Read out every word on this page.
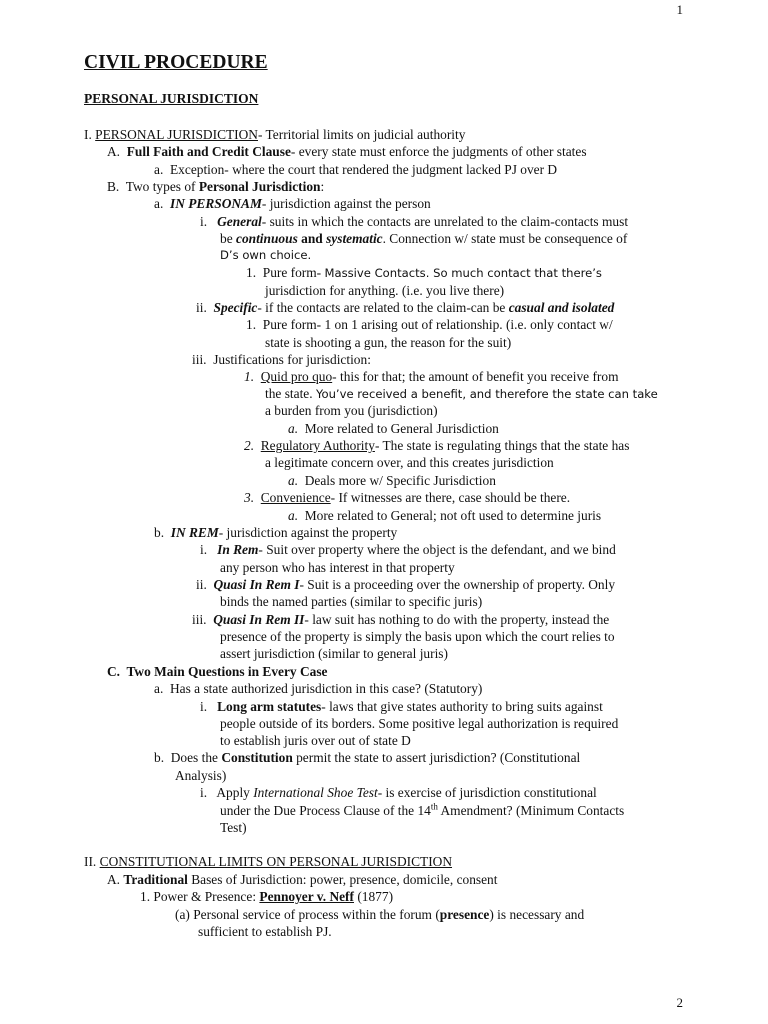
1
CIVIL PROCEDURE
PERSONAL JURISDICTION
I. PERSONAL JURISDICTION- Territorial limits on judicial authority
A. Full Faith and Credit Clause- every state must enforce the judgments of other states
a. Exception- where the court that rendered the judgment lacked PJ over D
B. Two types of Personal Jurisdiction:
a. IN PERSONAM- jurisdiction against the person
i. General- suits in which the contacts are unrelated to the claim-contacts must
be continuous and systematic. Connection w/ state must be consequence of
D’s own choice.
1. Pure form- Massive Contacts. So much contact that there’s
jurisdiction for anything. (i.e. you live there)
ii. Specific- if the contacts are related to the claim-can be casual and isolated
1. Pure form- 1 on 1 arising out of relationship. (i.e. only contact w/
state is shooting a gun, the reason for the suit)
iii. Justifications for jurisdiction:
1. Quid pro quo- this for that; the amount of benefit you receive from
the state. You’ve received a benefit, and therefore the state can take
a burden from you (jurisdiction)
a. More related to General Jurisdiction
2. Regulatory Authority- The state is regulating things that the state has
a legitimate concern over, and this creates jurisdiction
a. Deals more w/ Specific Jurisdiction
3. Convenience- If witnesses are there, case should be there.
a. More related to General; not oft used to determine juris
b. IN REM- jurisdiction against the property
i. In Rem- Suit over property where the object is the defendant, and we bind
any person who has interest in that property
ii. Quasi In Rem I- Suit is a proceeding over the ownership of property. Only
binds the named parties (similar to specific juris)
iii. Quasi In Rem II- law suit has nothing to do with the property, instead the
presence of the property is simply the basis upon which the court relies to
assert jurisdiction (similar to general juris)
C. Two Main Questions in Every Case
a. Has a state authorized jurisdiction in this case? (Statutory)
i. Long arm statutes- laws that give states authority to bring suits against
people outside of its borders. Some positive legal authorization is required
to establish juris over out of state D
b. Does the Constitution permit the state to assert jurisdiction? (Constitutional
Analysis)
i. Apply International Shoe Test- is exercise of jurisdiction constitutional
under the Due Process Clause of the 14th Amendment? (Minimum Contacts
Test)
II. CONSTITUTIONAL LIMITS ON PERSONAL JURISDICTION
A. Traditional Bases of Jurisdiction: power, presence, domicile, consent
1. Power & Presence: Pennoyer v. Neff (1877)
(a) Personal service of process within the forum (presence) is necessary and
sufficient to establish PJ.
2
